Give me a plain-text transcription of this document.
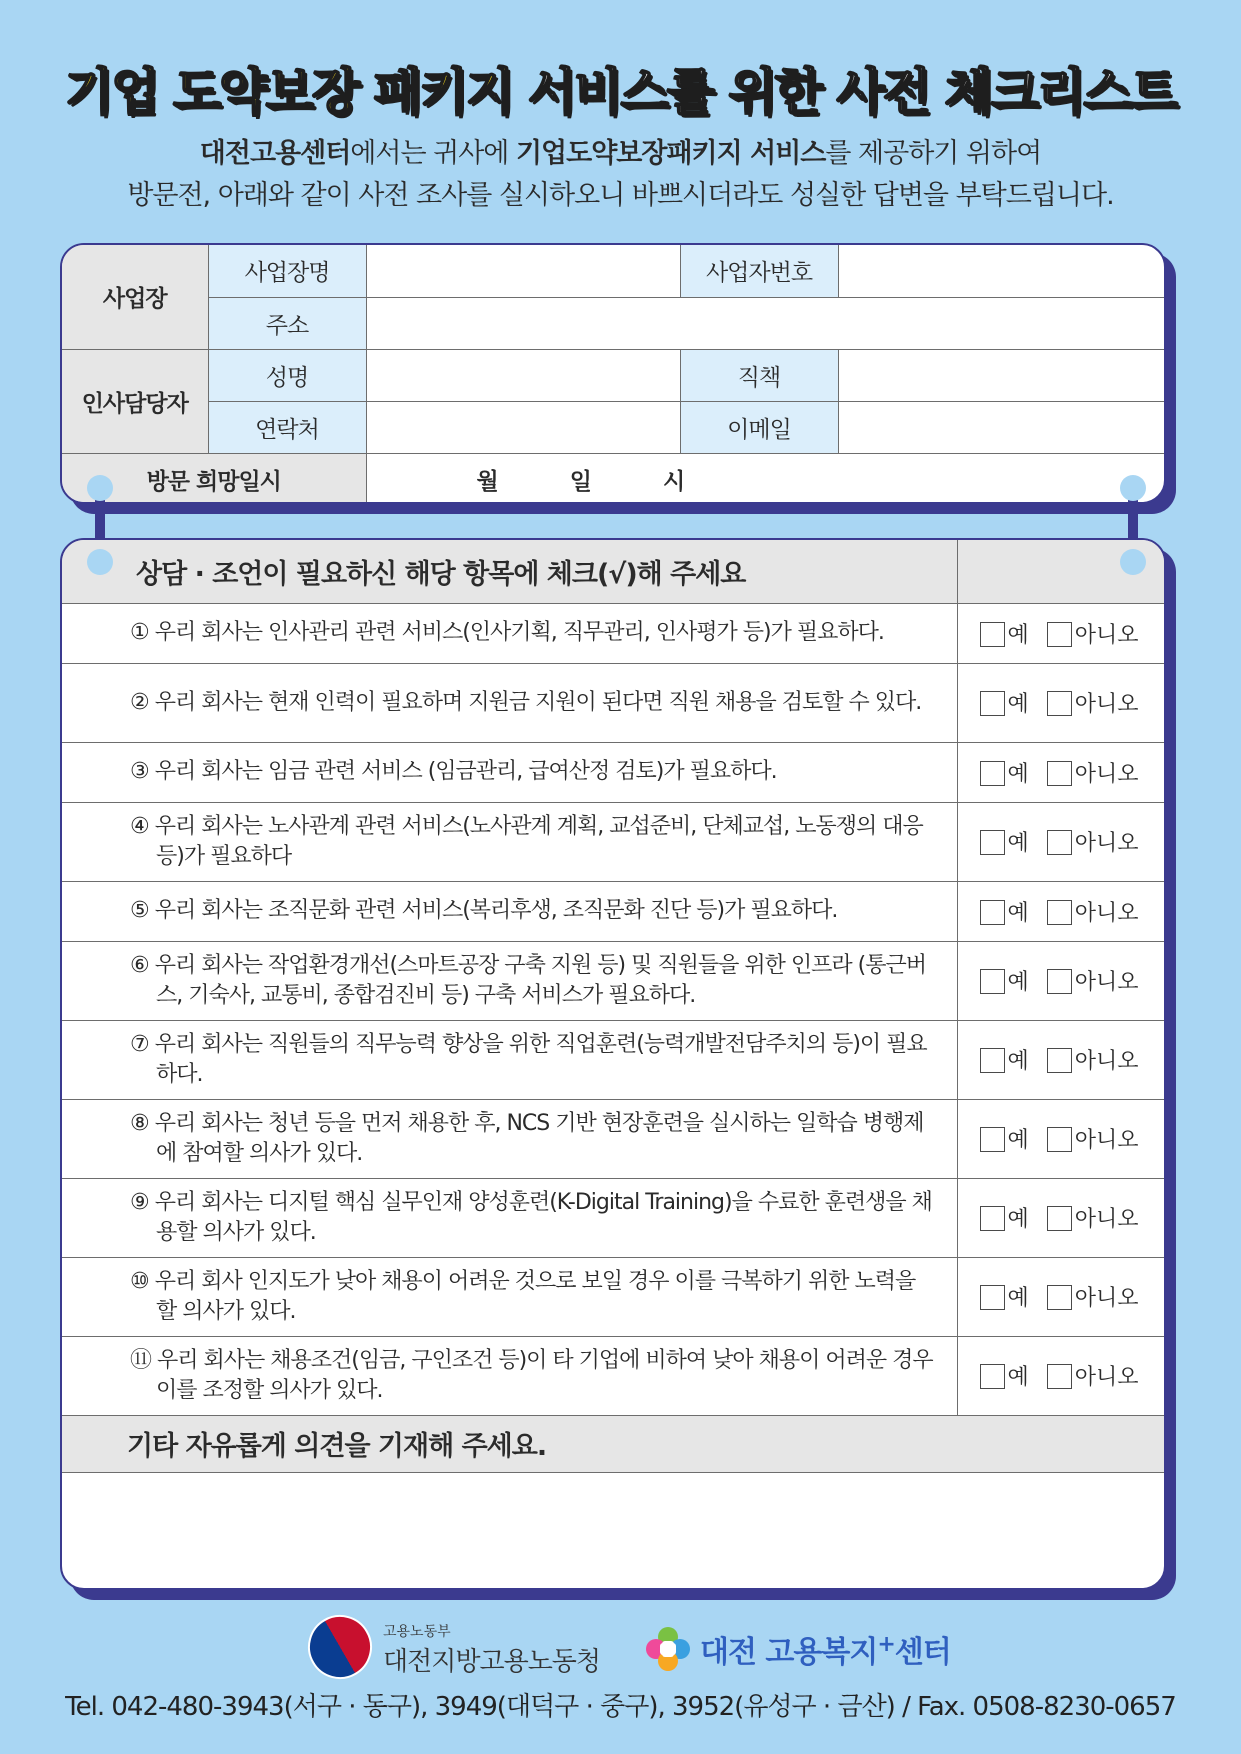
기업 도약보장 패키지 서비스를 위한 사전 체크리스트
대전고용센터에서는 귀사에 기업도약보장패키지 서비스를 제공하기 위하여
방문전, 아래와 같이 사전 조사를 실시하오니 바쁘시더라도 성실한 답변을 부탁드립니다.
사업장	사업장명		사업자번호	
	주소			
인사담당자	성명		직책	
	연락처		이메일	
방문 희망일시		월 일 시		
상담 · 조언이 필요하신 해당 항목에 체크(√)해 주세요	

① 우리 회사는 인사관리 관련 서비스(인사기획, 직무관리, 인사평가 등)가 필요하다.	예 아니오

② 우리 회사는 현재 인력이 필요하며 지원금 지원이 된다면 직원 채용을 검토할 수 있다.	예 아니오

③ 우리 회사는 임금 관련 서비스 (임금관리, 급여산정 검토)가 필요하다.	예 아니오

④ 우리 회사는 노사관계 관련 서비스(노사관계 계획, 교섭준비, 단체교섭, 노동쟁의 대응 등)가 필요하다	예 아니오

⑤ 우리 회사는 조직문화 관련 서비스(복리후생, 조직문화 진단 등)가 필요하다.	예 아니오

⑥ 우리 회사는 작업환경개선(스마트공장 구축 지원 등) 및 직원들을 위한 인프라 (통근버스, 기숙사, 교통비, 종합검진비 등) 구축 서비스가 필요하다.	예 아니오

⑦ 우리 회사는 직원들의 직무능력 향상을 위한 직업훈련(능력개발전담주치의 등)이 필요하다.	예 아니오

⑧ 우리 회사는 청년 등을 먼저 채용한 후, NCS 기반 현장훈련을 실시하는 일학습 병행제에 참여할 의사가 있다.	예 아니오

⑨ 우리 회사는 디지털 핵심 실무인재 양성훈련(K-Digital Training)을 수료한 훈련생을 채용할 의사가 있다.	예 아니오

⑩ 우리 회사 인지도가 낮아 채용이 어려운 것으로 보일 경우 이를 극복하기 위한 노력을 할 의사가 있다.	예 아니오

⑪ 우리 회사는 채용조건(임금, 구인조건 등)이 타 기업에 비하여 낮아 채용이 어려운 경우 이를 조정할 의사가 있다.	예 아니오
기타 자유롭게 의견을 기재해 주세요.	

고용노동부
대전지방고용노동청	대전 고용복지+센터
Tel. 042-480-3943(서구 · 동구), 3949(대덕구 · 중구), 3952(유성구 · 금산) / Fax. 0508-8230-0657
